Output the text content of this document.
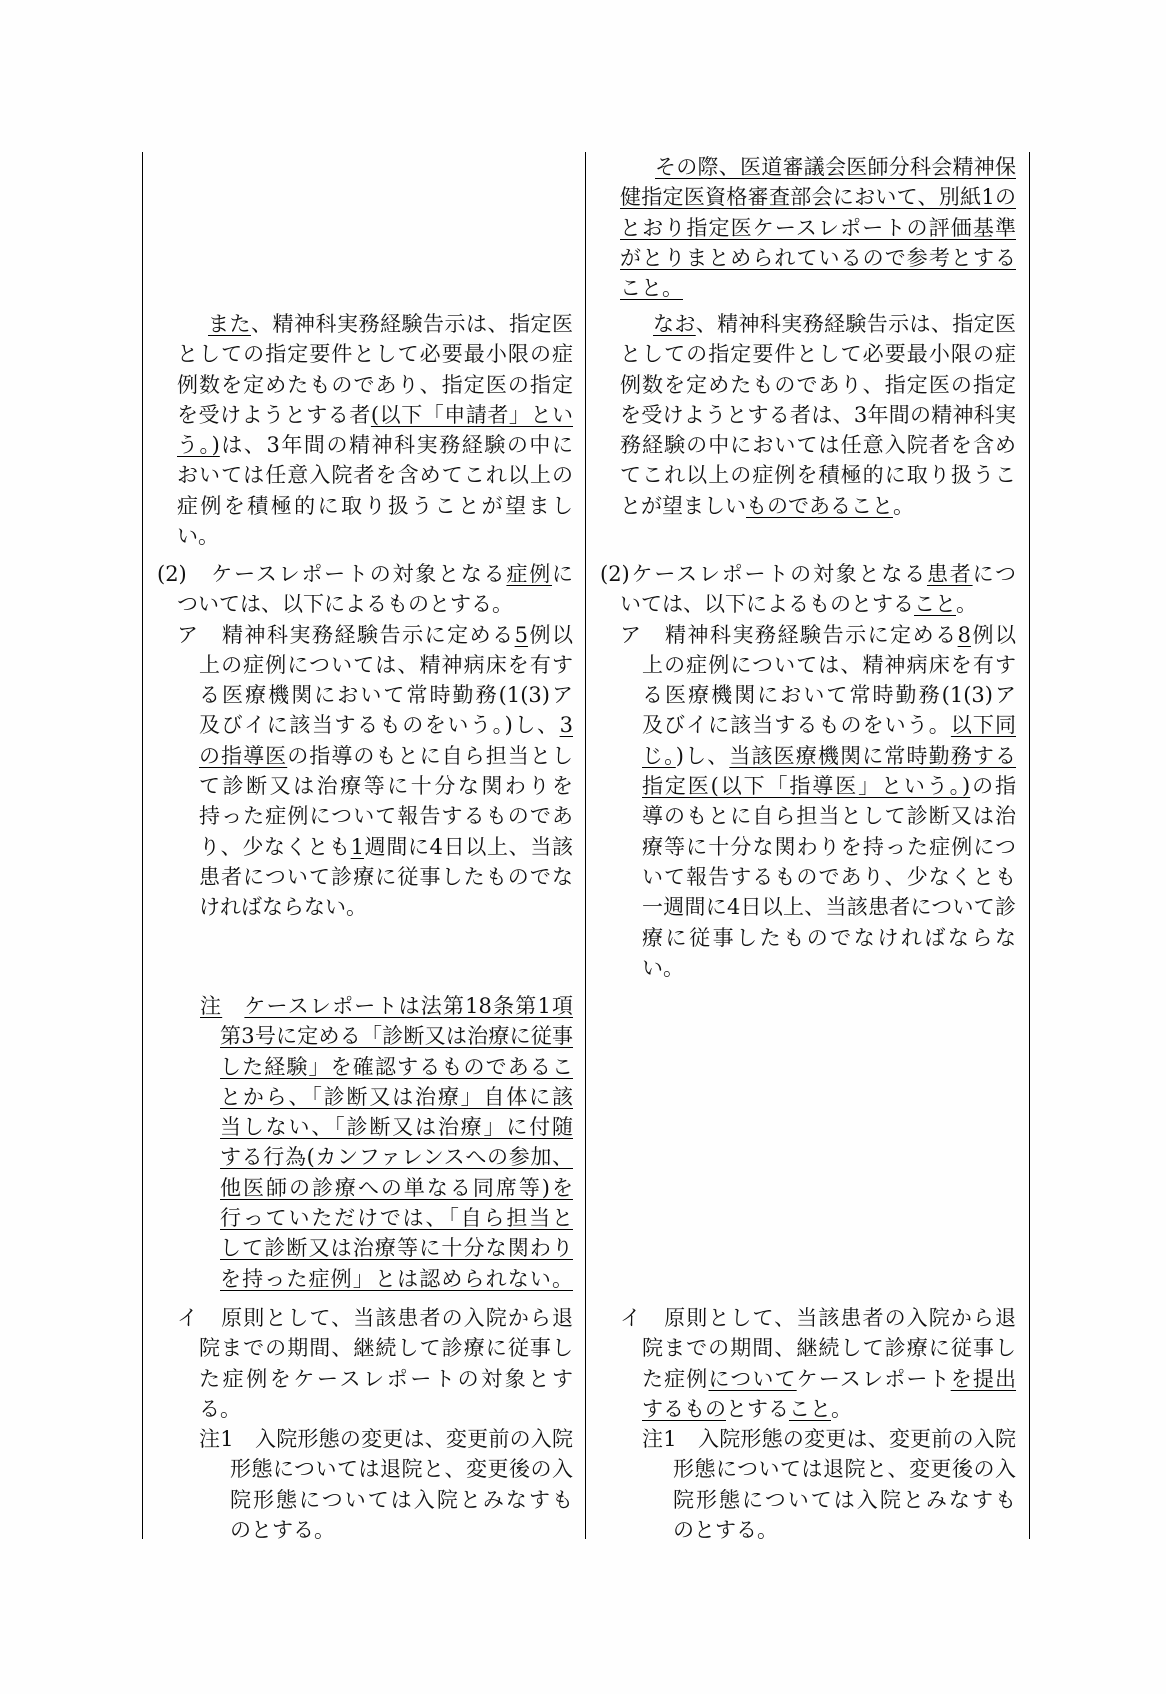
また、精神科実務経験告示は、指定医
としての指定要件として必要最小限の症
例数を定めたものであり、指定医の指定
を受けようとする者(以下「申請者」とい
う。)は、3年間の精神科実務経験の中に
おいては任意入院者を含めてこれ以上の
症例を積極的に取り扱うことが望まし
い。
(2)　ケースレポートの対象となる症例に
ついては、以下によるものとする。
ア　精神科実務経験告示に定める5例以
上の症例については、精神病床を有す
る医療機関において常時勤務(1(3)ア
及びイに該当するものをいう。)し、3
の指導医の指導のもとに自ら担当とし
て診断又は治療等に十分な関わりを
持った症例について報告するものであ
り、少なくとも1週間に4日以上、当該
患者について診療に従事したものでな
ければならない。
注　 ケースレポートは法第18条第1項
第3号に定める「診断又は治療に従事
した経験」を確認するものであるこ
とから、「診断又は治療」自体に該
当しない、「診断又は治療」に付随
する行為(カンファレンスへの参加、
他医師の診療への単なる同席等)を
行っていただけでは、「自ら担当と
して診断又は治療等に十分な関わり
を持った症例」とは認められない。
イ　原則として、当該患者の入院から退
院までの期間、継続して診療に従事し
た症例をケースレポートの対象とす
る。
注1　入院形態の変更は、変更前の入院
形態については退院と、変更後の入
院形態については入院とみなすも
のとする。
その際、医道審議会医師分科会精神保
健指定医資格審査部会において、別紙1の
とおり指定医ケースレポートの評価基準
がとりまとめられているので参考とする
こと。
なお、精神科実務経験告示は、指定医
としての指定要件として必要最小限の症
例数を定めたものであり、指定医の指定
を受けようとする者は、3年間の精神科実
務経験の中においては任意入院者を含め
てこれ以上の症例を積極的に取り扱うこ
とが望ましいものであること。
(2)ケースレポートの対象となる患者につ
いては、以下によるものとすること。
ア　精神科実務経験告示に定める8例以
上の症例については、精神病床を有す
る医療機関において常時勤務(1(3)ア
及びイに該当するものをいう。以下同
じ。)し、当該医療機関に常時勤務する
指定医(以下「指導医」という。)の指
導のもとに自ら担当として診断又は治
療等に十分な関わりを持った症例につ
いて報告するものであり、少なくとも
一週間に4日以上、当該患者について診
療に従事したものでなければならな
い。
イ　原則として、当該患者の入院から退
院までの期間、継続して診療に従事し
た症例についてケースレポートを提出
するものとすること。
注1　入院形態の変更は、変更前の入院
形態については退院と、変更後の入
院形態については入院とみなすも
のとする。
